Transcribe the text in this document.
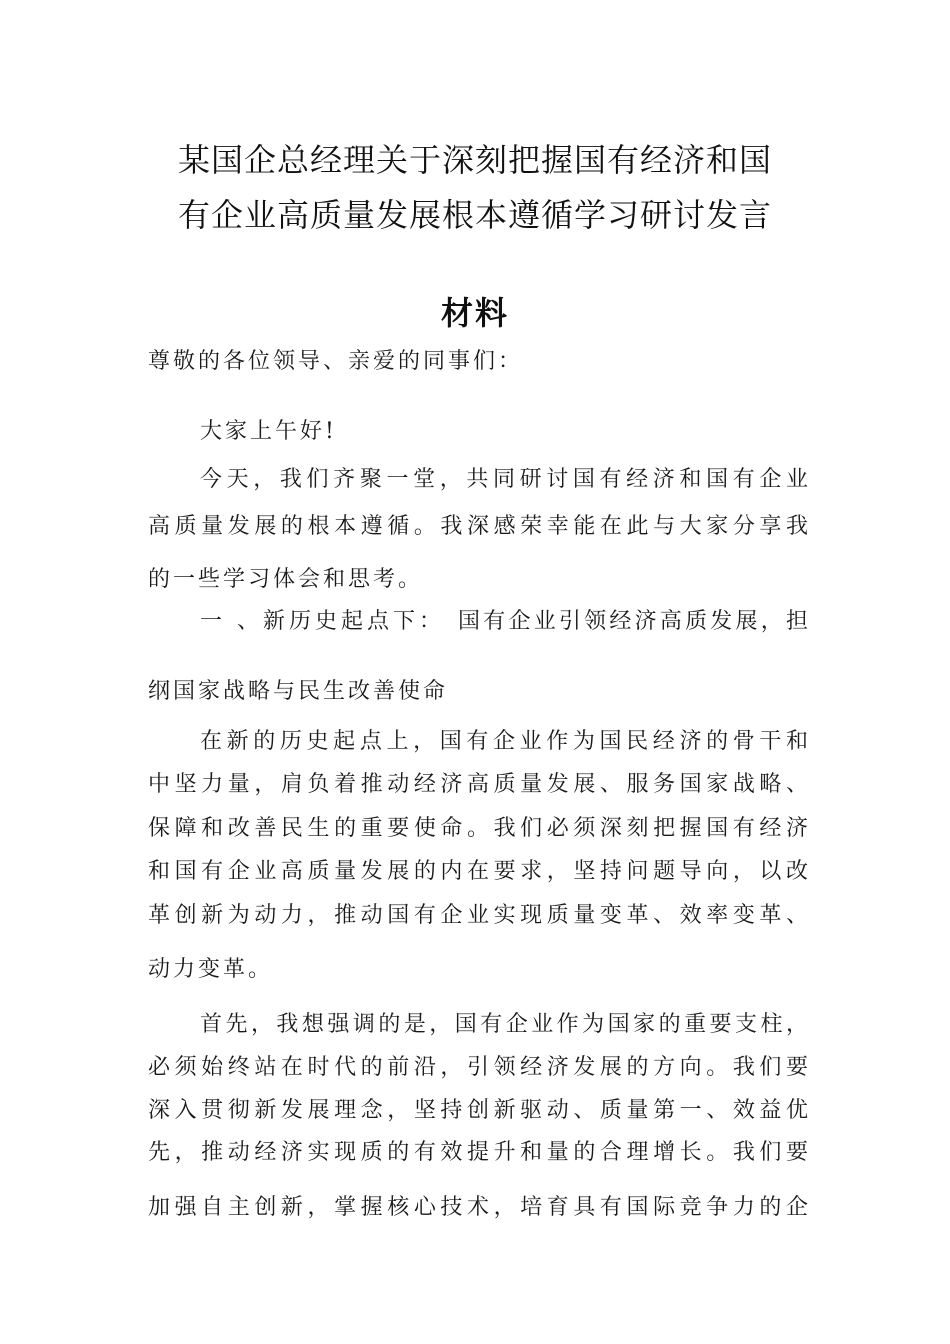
某国企总经理关于深刻把握国有经济和国
有企业高质量发展根本遵循学习研讨发言
材料
尊敬的各位领导、亲爱的同事们：
大家上午好!
今天，我们齐聚一堂，共同研讨国有经济和国有企业
高质量发展的根本遵循。我深感荣幸能在此与大家分享我
的一些学习体会和思考。
一 、新历史起点下： 国有企业引领经济高质发展，担
纲国家战略与民生改善使命
在新的历史起点上，国有企业作为国民经济的骨干和
中坚力量，肩负着推动经济高质量发展、服务国家战略、
保障和改善民生的重要使命。我们必须深刻把握国有经济
和国有企业高质量发展的内在要求，坚持问题导向，以改
革创新为动力，推动国有企业实现质量变革、效率变革、
动力变革。
首先，我想强调的是，国有企业作为国家的重要支柱，
必须始终站在时代的前沿，引领经济发展的方向。我们要
深入贯彻新发展理念，坚持创新驱动、质量第一、效益优
先，推动经济实现质的有效提升和量的合理增长。我们要
加强自主创新，掌握核心技术，培育具有国际竞争力的企
